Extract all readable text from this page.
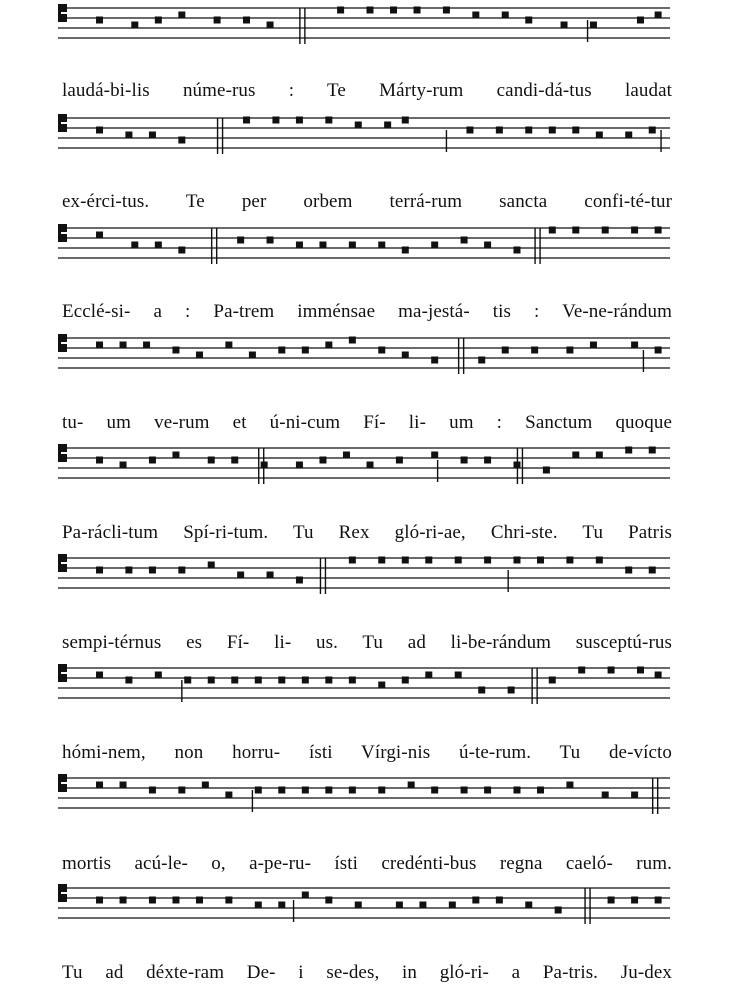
laudá-bi-lis núme-rus : Te Márty-rum candi-dá-tus laudat
ex-érci-tus. Te per orbem terrá-rum sancta confi-té-tur
Ecclé-si- a : Pa-trem imménsae ma-jestá- tis : Ve-ne-rándum
tu- um ve-rum et ú-ni-cum Fí- li- um : Sanctum quoque
Pa-rácli-tum Spí-ri-tum. Tu Rex gló-ri-ae, Chri-ste. Tu Patris
sempi-térnus es Fí- li- us. Tu ad li-be-rándum susceptú-rus
hómi-nem, non horru- ísti Vírgi-nis ú-te-rum. Tu de-vícto
mortis acú-le- o, a-pe-ru- ísti credénti-bus regna caeló- rum.
Tu ad déxte-ram De- i se-des, in gló-ri- a Pa-tris. Ju-dex
